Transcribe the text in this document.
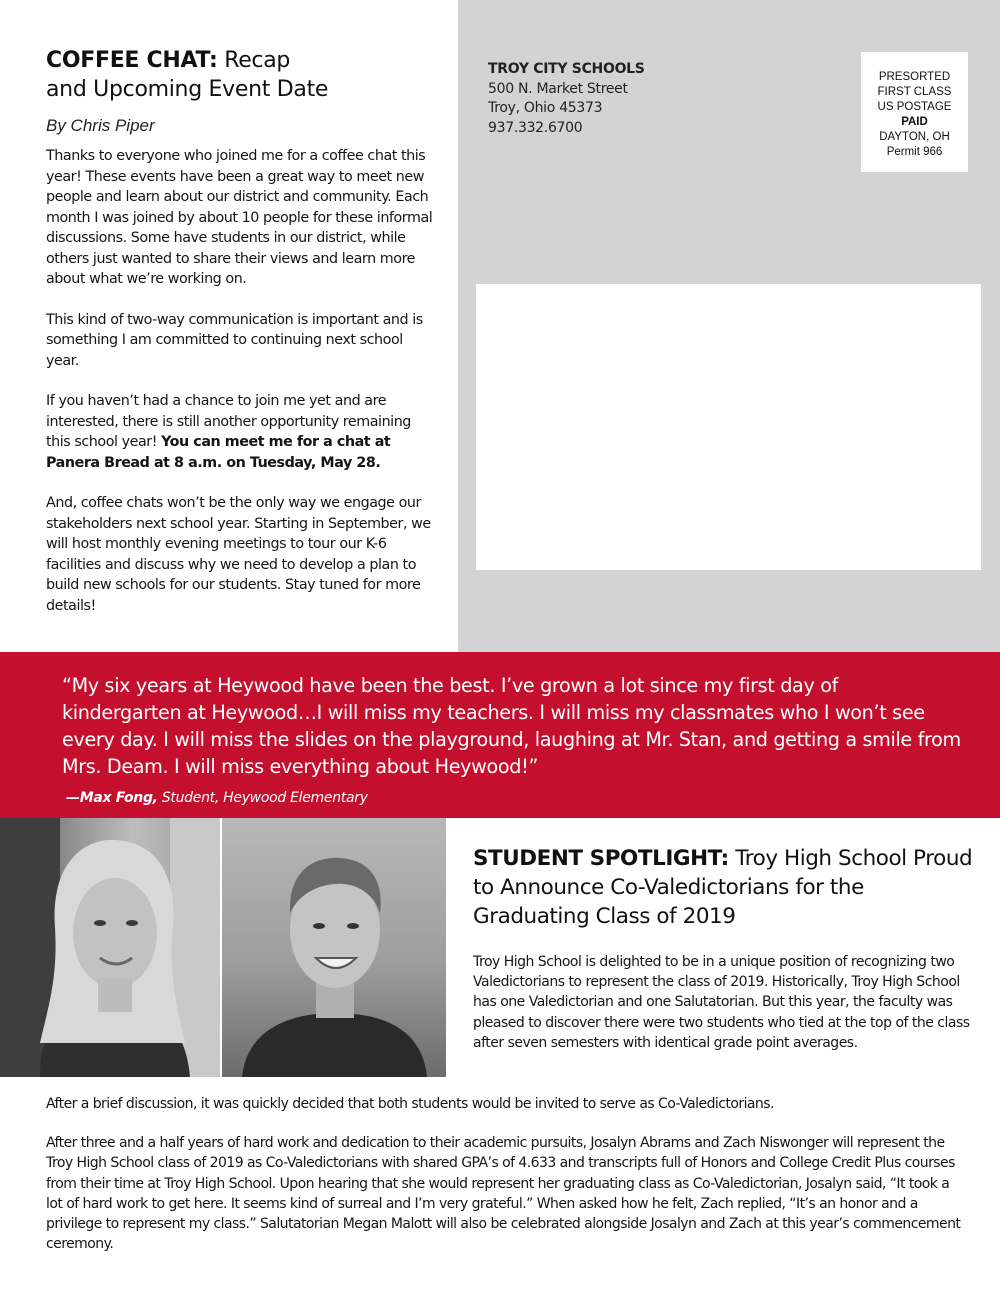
COFFEE CHAT: Recap
and Upcoming Event Date
By Chris Piper

Thanks to everyone who joined me for a coffee chat this year! These events have been a great way to meet new people and learn about our district and community. Each month I was joined by about 10 people for these informal discussions. Some have students in our district, while others just wanted to share their views and learn more about what we’re working on.

This kind of two-way communication is important and is something I am committed to continuing next school year.

If you haven’t had a chance to join me yet and are interested, there is still another opportunity remaining this school year! You can meet me for a chat at Panera Bread at 8 a.m. on Tuesday, May 28.

And, coffee chats won’t be the only way we engage our stakeholders next school year. Starting in September, we will host monthly evening meetings to tour our K-6 facilities and discuss why we need to develop a plan to build new schools for our students. Stay tuned for more details!

TROY CITY SCHOOLS
500 N. Market Street
Troy, Ohio 45373
937.332.6700
PRESORTED
FIRST CLASS
US POSTAGE
PAID
DAYTON, OH
Permit 966
“My six years at Heywood have been the best. I’ve grown a lot since my first day of kindergarten at Heywood…I will miss my teachers. I will miss my classmates who I won’t see every day. I will miss the slides on the playground, laughing at Mr. Stan, and getting a smile from Mrs. Deam. I will miss everything about Heywood!”
—Max Fong, Student, Heywood Elementary
STUDENT SPOTLIGHT: Troy High School Proud to Announce Co-Valedictorians for the Graduating Class of 2019

Troy High School is delighted to be in a unique position of recognizing two Valedictorians to represent the class of 2019. Historically, Troy High School has one Valedictorian and one Salutatorian. But this year, the faculty was pleased to discover there were two students who tied at the top of the class after seven semesters with identical grade point averages.

After a brief discussion, it was quickly decided that both students would be invited to serve as Co-Valedictorians.

After three and a half years of hard work and dedication to their academic pursuits, Josalyn Abrams and Zach Niswonger will represent the Troy High School class of 2019 as Co-Valedictorians with shared GPA’s of 4.633 and transcripts full of Honors and College Credit Plus courses from their time at Troy High School. Upon hearing that she would represent her graduating class as Co-Valedictorian, Josalyn said, “It took a lot of hard work to get here. It seems kind of surreal and I’m very grateful.” When asked how he felt, Zach replied, “It’s an honor and a privilege to represent my class.” Salutatorian Megan Malott will also be celebrated alongside Josalyn and Zach at this year’s commencement ceremony.
